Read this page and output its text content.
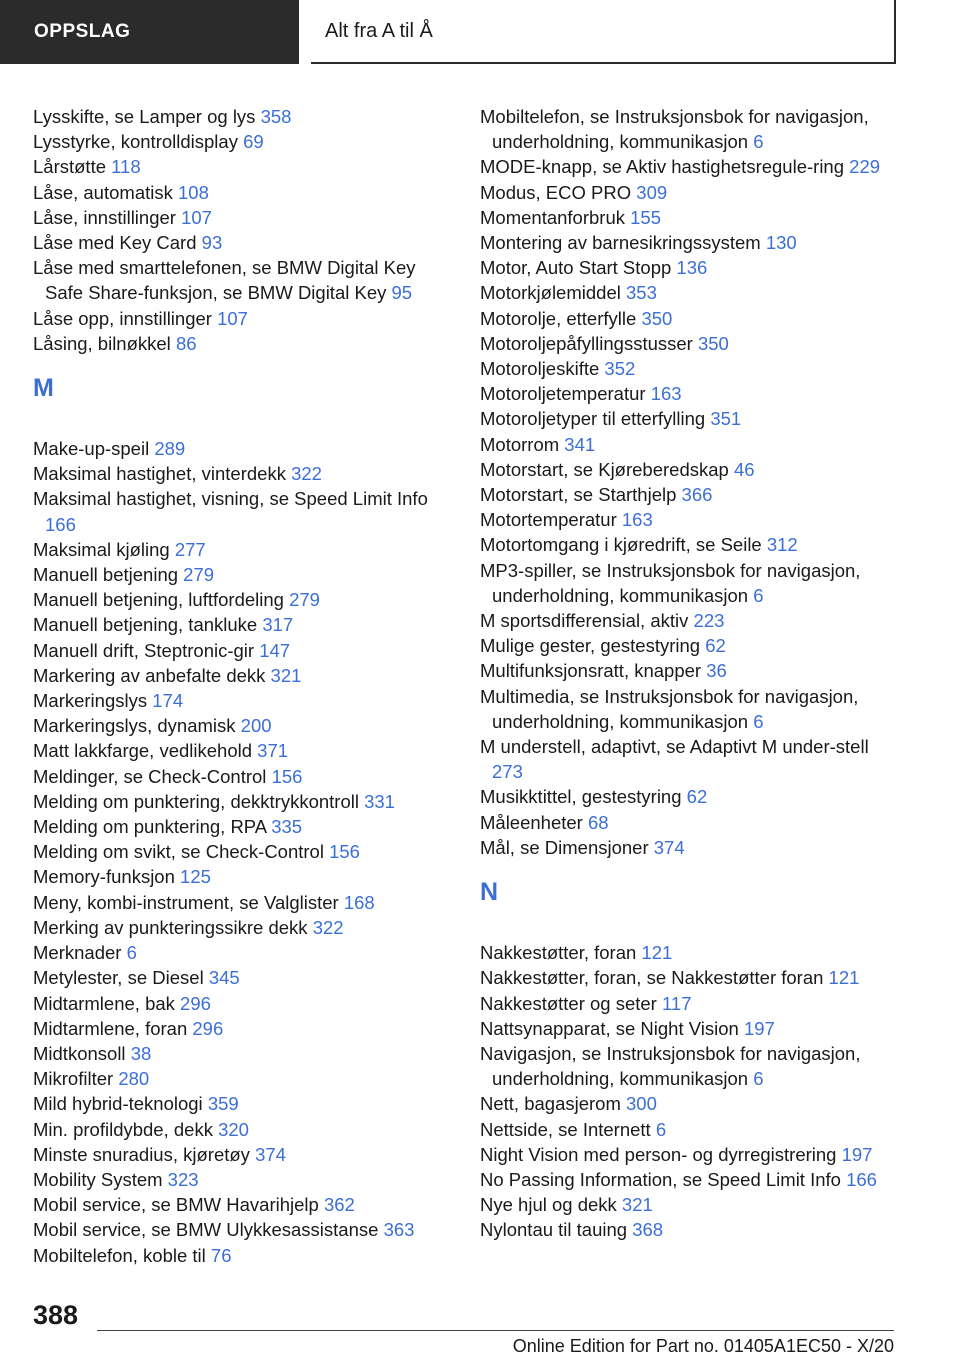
OPPSLAG	Alt fra A til Å
Lysskifte, se Lamper og lys 358
Lysstyrke, kontrolldisplay 69
Lårstøtte 118
Låse, automatisk 108
Låse, innstillinger 107
Låse med Key Card 93
Låse med smarttelefonen, se BMW Digital Key Safe Share-funksjon, se BMW Digital Key 95
Låse opp, innstillinger 107
Låsing, bilnøkkel 86
M
Make-up-speil 289
Maksimal hastighet, vinterdekk 322
Maksimal hastighet, visning, se Speed Limit Info 166
Maksimal kjøling 277
Manuell betjening 279
Manuell betjening, luftfordeling 279
Manuell betjening, tankluke 317
Manuell drift, Steptronic-gir 147
Markering av anbefalte dekk 321
Markeringslys 174
Markeringslys, dynamisk 200
Matt lakkfarge, vedlikehold 371
Meldinger, se Check-Control 156
Melding om punktering, dekktrykkontroll 331
Melding om punktering, RPA 335
Melding om svikt, se Check-Control 156
Memory-funksjon 125
Meny, kombi-instrument, se Valglister 168
Merking av punkteringssikre dekk 322
Merknader 6
Metylester, se Diesel 345
Midtarmlene, bak 296
Midtarmlene, foran 296
Midtkonsoll 38
Mikrofilter 280
Mild hybrid-teknologi 359
Min. profildybde, dekk 320
Minste snuradius, kjøretøy 374
Mobility System 323
Mobil service, se BMW Havarihjelp 362
Mobil service, se BMW Ulykkesassistanse 363
Mobiltelefon, koble til 76
Mobiltelefon, se Instruksjonsbok for navigasjon, underholdning, kommunikasjon 6
MODE-knapp, se Aktiv hastighetsregule-ring 229
Modus, ECO PRO 309
Momentanforbruk 155
Montering av barnesikringssystem 130
Motor, Auto Start Stopp 136
Motorkjølemiddel 353
Motorolje, etterfylle 350
Motoroljepåfyllingsstusser 350
Motoroljeskifte 352
Motoroljetemperatur 163
Motoroljetyper til etterfylling 351
Motorrom 341
Motorstart, se Kjøreberedskap 46
Motorstart, se Starthjelp 366
Motortemperatur 163
Motortomgang i kjøredrift, se Seile 312
MP3-spiller, se Instruksjonsbok for navigasjon, underholdning, kommunikasjon 6
M sportsdifferensial, aktiv 223
Mulige gester, gestestyring 62
Multifunksjonsratt, knapper 36
Multimedia, se Instruksjonsbok for navigasjon, underholdning, kommunikasjon 6
M understell, adaptivt, se Adaptivt M under-stell 273
Musikktittel, gestestyring 62
Måleenheter 68
Mål, se Dimensjoner 374
N
Nakkestøtter, foran 121
Nakkestøtter, foran, se Nakkestøtter foran 121
Nakkestøtter og seter 117
Nattsynapparat, se Night Vision 197
Navigasjon, se Instruksjonsbok for navigasjon, underholdning, kommunikasjon 6
Nett, bagasjerom 300
Nettside, se Internett 6
Night Vision med person- og dyrregistrering 197
No Passing Information, se Speed Limit Info 166
Nye hjul og dekk 321
Nylontau til tauing 368
388
Online Edition for Part no. 01405A1EC50 - X/20
